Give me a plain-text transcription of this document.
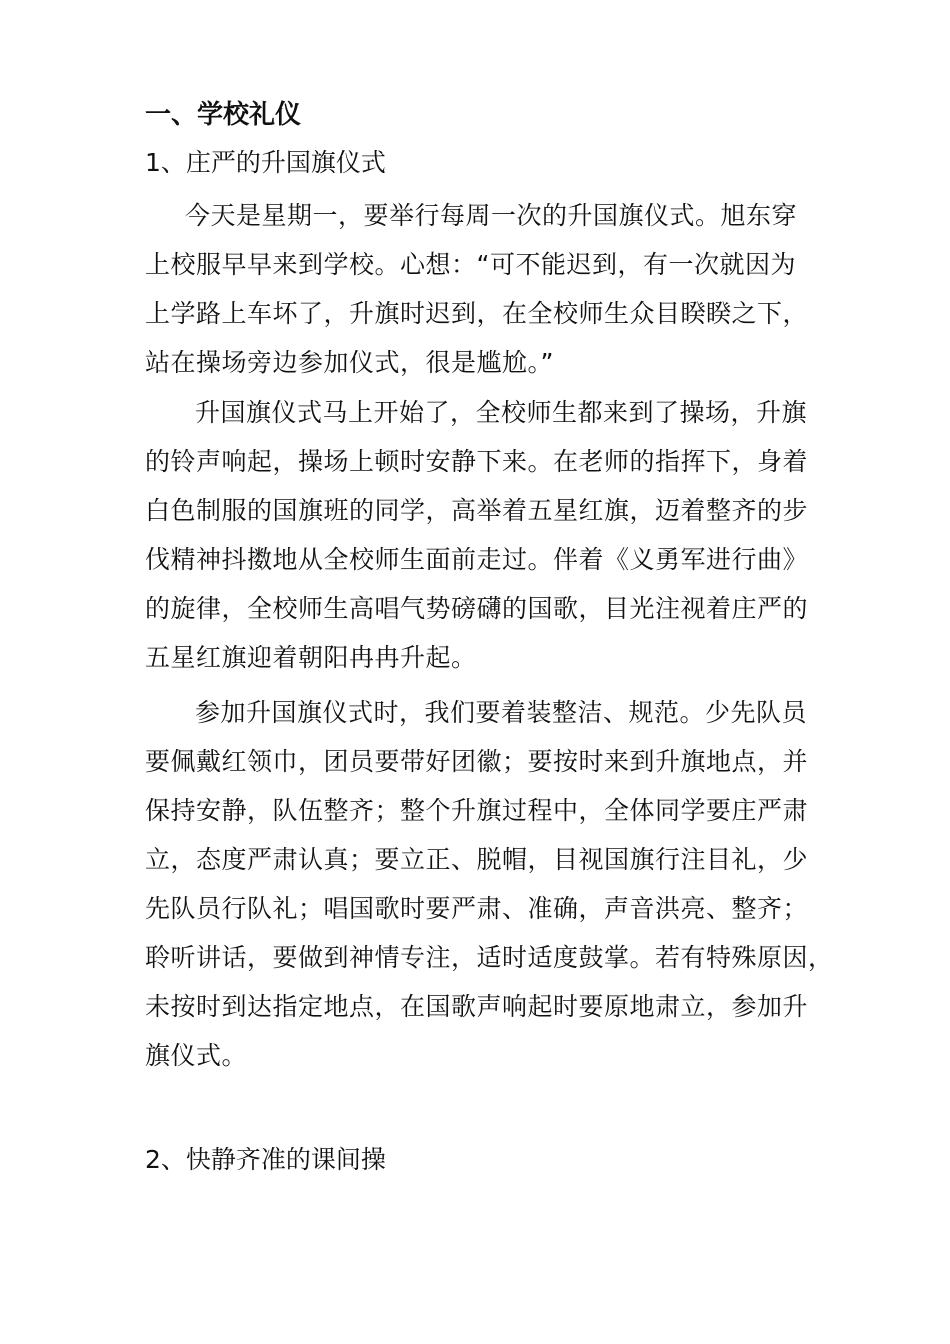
一、学校礼仪
1、庄严的升国旗仪式
今天是星期一，要举行每周一次的升国旗仪式。旭东穿
上校服早早来到学校。心想：“可不能迟到，有一次就因为
上学路上车坏了，升旗时迟到，在全校师生众目睽睽之下，
站在操场旁边参加仪式，很是尴尬。”
升国旗仪式马上开始了，全校师生都来到了操场，升旗
的铃声响起，操场上顿时安静下来。在老师的指挥下，身着
白色制服的国旗班的同学，高举着五星红旗，迈着整齐的步
伐精神抖擞地从全校师生面前走过。伴着《义勇军进行曲》
的旋律，全校师生高唱气势磅礴的国歌，目光注视着庄严的
五星红旗迎着朝阳冉冉升起。
参加升国旗仪式时，我们要着装整洁、规范。少先队员
要佩戴红领巾，团员要带好团徽；要按时来到升旗地点，并
保持安静，队伍整齐；整个升旗过程中，全体同学要庄严肃
立，态度严肃认真；要立正、脱帽，目视国旗行注目礼，少
先队员行队礼；唱国歌时要严肃、准确，声音洪亮、整齐；
聆听讲话，要做到神情专注，适时适度鼓掌。若有特殊原因，
未按时到达指定地点，在国歌声响起时要原地肃立，参加升
旗仪式。
2、快静齐准的课间操
